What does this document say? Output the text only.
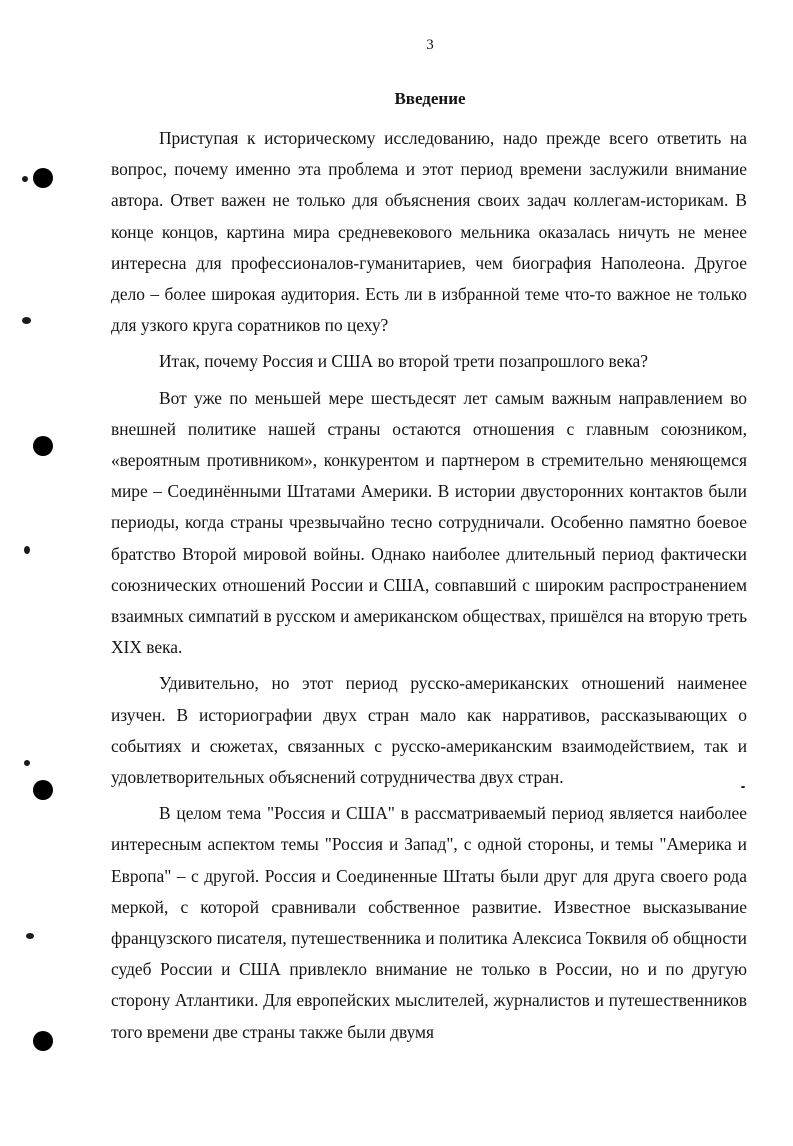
3
Введение

Приступая к историческому исследованию, надо прежде всего ответить на вопрос, почему именно эта проблема и этот период времени заслужили внимание автора. Ответ важен не только для объяснения своих задач коллегам-историкам. В конце концов, картина мира средневекового мельника оказалась ничуть не менее интересна для профессионалов-гуманитариев, чем биография Наполеона. Другое дело – более широкая аудитория. Есть ли в избранной теме что-то важное не только для узкого круга соратников по цеху?

Итак, почему Россия и США во второй трети позапрошлого века?

Вот уже по меньшей мере шестьдесят лет самым важным направлением во внешней политике нашей страны остаются отношения с главным союзником, «вероятным противником», конкурентом и партнером в стремительно меняющемся мире – Соединёнными Штатами Америки. В истории двусторонних контактов были периоды, когда страны чрезвычайно тесно сотрудничали. Особенно памятно боевое братство Второй мировой войны. Однако наиболее длительный период фактически союзнических отношений России и США, совпавший с широким распространением взаимных симпатий в русском и американском обществах, пришёлся на вторую треть XIX века.

Удивительно, но этот период русско-американских отношений наименее изучен. В историографии двух стран мало как нарративов, рассказывающих о событиях и сюжетах, связанных с русско-американским взаимодействием, так и удовлетворительных объяснений сотрудничества двух стран.

В целом тема "Россия и США" в рассматриваемый период является наиболее интересным аспектом темы "Россия и Запад", с одной стороны, и темы "Америка и Европа" – с другой. Россия и Соединенные Штаты были друг для друга своего рода меркой, с которой сравнивали собственное развитие. Известное высказывание французского писателя, путешественника и политика Алексиса Токвиля об общности судеб России и США привлекло внимание не только в России, но и по другую сторону Атлантики. Для европейских мыслителей, журналистов и путешественников того времени две страны также были двумя
